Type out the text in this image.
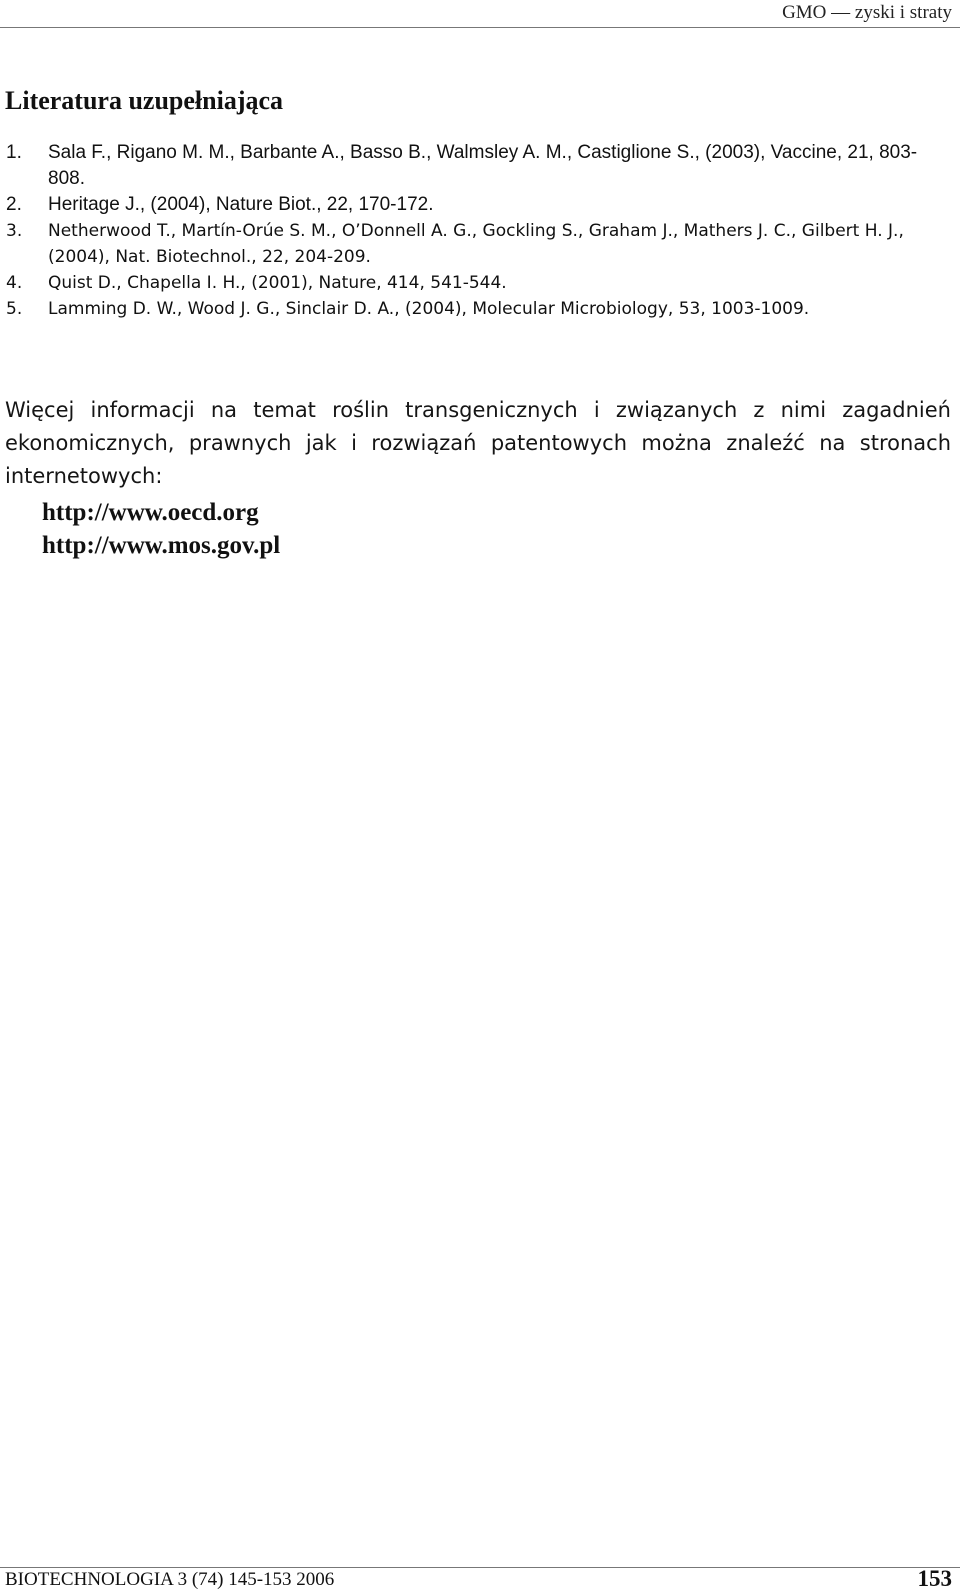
GMO — zyski i straty
Literatura uzupełniająca
1. Sala F., Rigano M. M., Barbante A., Basso B., Walmsley A. M., Castiglione S., (2003), Vaccine, 21, 803-808.
2. Heritage J., (2004), Nature Biot., 22, 170-172.
3. Netherwood T., Martín-Orúe S. M., O’Donnell A. G., Gockling S., Graham J., Mathers J. C., Gilbert H. J., (2004), Nat. Biotechnol., 22, 204-209.
4. Quist D., Chapella I. H., (2001), Nature, 414, 541-544.
5. Lamming D. W., Wood J. G., Sinclair D. A., (2004), Molecular Microbiology, 53, 1003-1009.

Więcej informacji na temat roślin transgenicznych i związanych z nimi zagadnień ekonomicznych, prawnych jak i rozwiązań patentowych można znaleźć na stronach internetowych:

http://www.oecd.org
http://www.mos.gov.pl
BIOTECHNOLOGIA 3 (74) 145-153 2006	153
